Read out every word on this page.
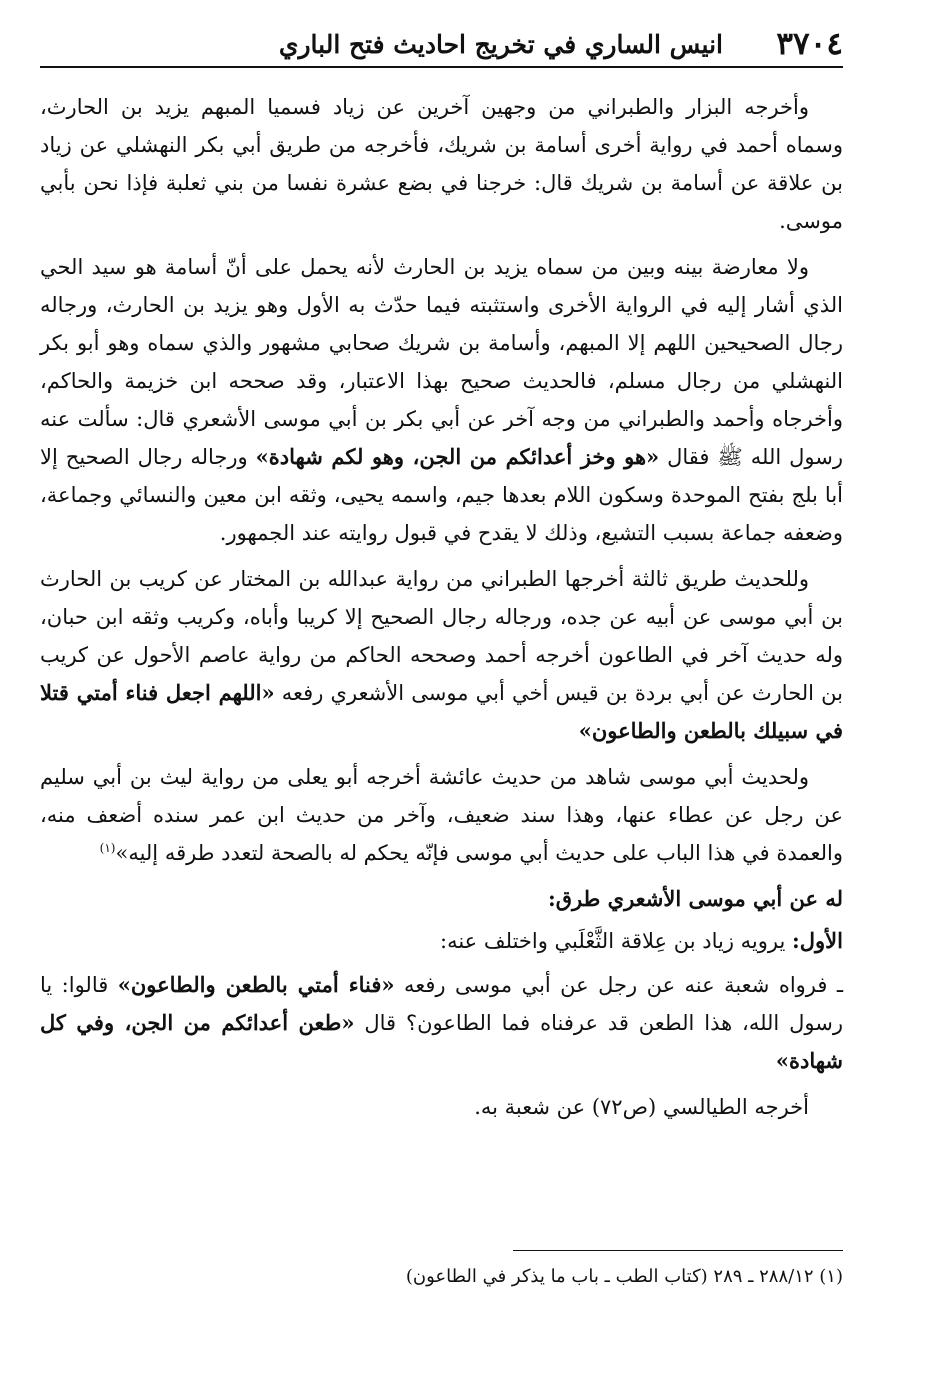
٣٧٠٤
انيس الساري في تخريج احاديث فتح الباري

وأخرجه البزار والطبراني من وجهين آخرين عن زياد فسميا المبهم يزيد بن الحارث، وسماه أحمد في رواية أخرى أسامة بن شريك، فأخرجه من طريق أبي بكر النهشلي عن زياد بن علاقة عن أسامة بن شريك قال: خرجنا في بضع عشرة نفسا من بني ثعلبة فإذا نحن بأبي موسى.

ولا معارضة بينه وبين من سماه يزيد بن الحارث لأنه يحمل على أنّ أسامة هو سيد الحي الذي أشار إليه في الرواية الأخرى واستثبته فيما حدّث به الأول وهو يزيد بن الحارث، ورجاله رجال الصحيحين اللهم إلا المبهم، وأسامة بن شريك صحابي مشهور والذي سماه وهو أبو بكر النهشلي من رجال مسلم، فالحديث صحيح بهذا الاعتبار، وقد صححه ابن خزيمة والحاكم، وأخرجاه وأحمد والطبراني من وجه آخر عن أبي بكر بن أبي موسى الأشعري قال: سألت عنه رسول الله ﷺ فقال «هو وخز أعدائكم من الجن، وهو لكم شهادة» ورجاله رجال الصحيح إلا أبا بلج بفتح الموحدة وسكون اللام بعدها جيم، واسمه يحيى، وثقه ابن معين والنسائي وجماعة، وضعفه جماعة بسبب التشيع، وذلك لا يقدح في قبول روايته عند الجمهور.

وللحديث طريق ثالثة أخرجها الطبراني من رواية عبدالله بن المختار عن كريب بن الحارث بن أبي موسى عن أبيه عن جده، ورجاله رجال الصحيح إلا كريبا وأباه، وكريب وثقه ابن حبان، وله حديث آخر في الطاعون أخرجه أحمد وصححه الحاكم من رواية عاصم الأحول عن كريب بن الحارث عن أبي بردة بن قيس أخي أبي موسى الأشعري رفعه «اللهم اجعل فناء أمتي قتلا في سبيلك بالطعن والطاعون»

ولحديث أبي موسى شاهد من حديث عائشة أخرجه أبو يعلى من رواية ليث بن أبي سليم عن رجل عن عطاء عنها، وهذا سند ضعيف، وآخر من حديث ابن عمر سنده أضعف منه، والعمدة في هذا الباب على حديث أبي موسى فإنّه يحكم له بالصحة لتعدد طرقه إليه»$^{(١)}$

له عن أبي موسى الأشعري طرق:

الأول: يرويه زياد بن عِلاقة الثَّعْلَبي واختلف عنه:

ـ فرواه شعبة عنه عن رجل عن أبي موسى رفعه «فناء أمتي بالطعن والطاعون» قالوا: يا رسول الله، هذا الطعن قد عرفناه فما الطاعون؟ قال «طعن أعدائكم من الجن، وفي كل شهادة»

أخرجه الطيالسي (ص٧٢) عن شعبة به.

(١) ٢٨٨/١٢ ـ ٢٨٩ (كتاب الطب ـ باب ما يذكر في الطاعون)
